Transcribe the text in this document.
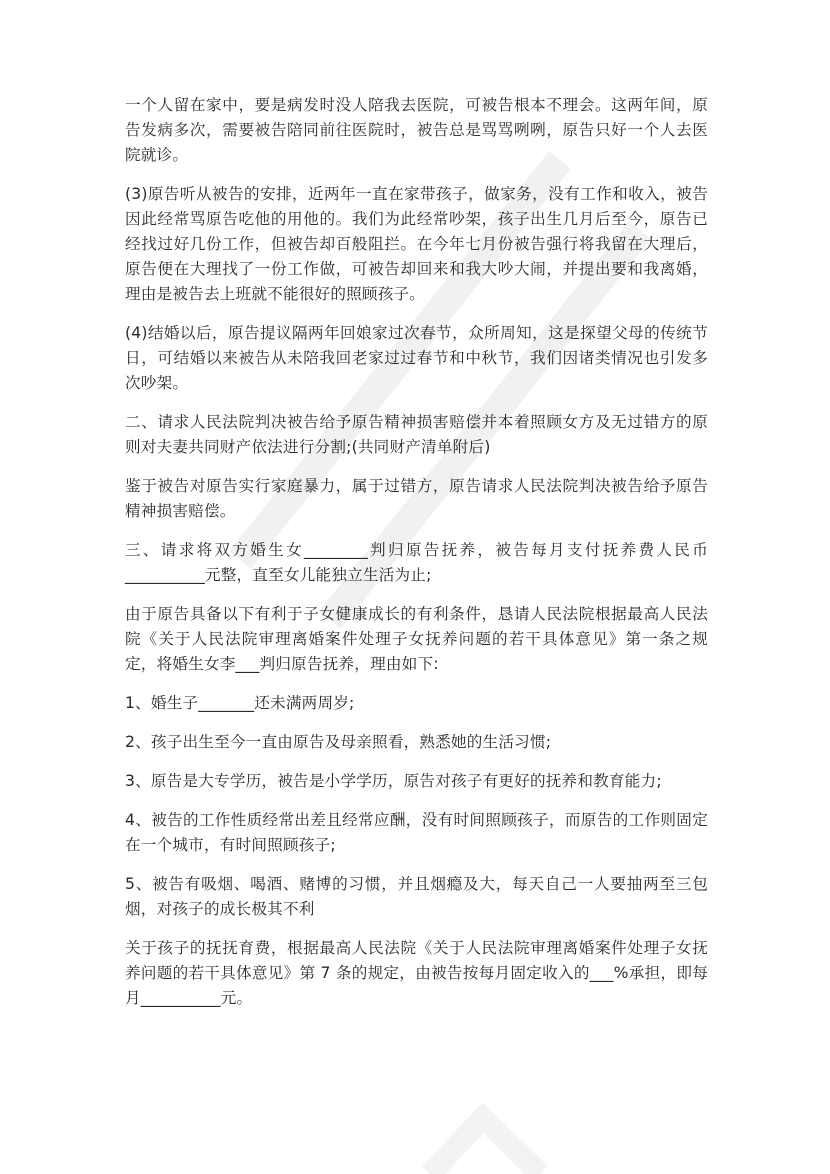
一个人留在家中，要是病发时没人陪我去医院，可被告根本不理会。这两年间，原告发病多次，需要被告陪同前往医院时，被告总是骂骂咧咧，原告只好一个人去医院就诊。

(3)原告听从被告的安排，近两年一直在家带孩子，做家务，没有工作和收入，被告因此经常骂原告吃他的用他的。我们为此经常吵架，孩子出生几月后至今，原告已经找过好几份工作，但被告却百般阻拦。在今年七月份被告强行将我留在大理后，原告便在大理找了一份工作做，可被告却回来和我大吵大闹，并提出要和我离婚，理由是被告去上班就不能很好的照顾孩子。

(4)结婚以后，原告提议隔两年回娘家过次春节，众所周知，这是探望父母的传统节日，可结婚以来被告从未陪我回老家过过春节和中秋节，我们因诸类情况也引发多次吵架。

二、请求人民法院判决被告给予原告精神损害赔偿并本着照顾女方及无过错方的原则对夫妻共同财产依法进行分割;(共同财产清单附后)

鉴于被告对原告实行家庭暴力，属于过错方，原告请求人民法院判决被告给予原告精神损害赔偿。

三、请求将双方婚生女________判归原告抚养，被告每月支付抚养费人民币__________元整，直至女儿能独立生活为止;

由于原告具备以下有利于子女健康成长的有利条件，恳请人民法院根据最高人民法院《关于人民法院审理离婚案件处理子女抚养问题的若干具体意见》第一条之规定，将婚生女李___判归原告抚养，理由如下:

1、婚生子_______还未满两周岁;

2、孩子出生至今一直由原告及母亲照看，熟悉她的生活习惯;

3、原告是大专学历，被告是小学学历，原告对孩子有更好的抚养和教育能力;

4、被告的工作性质经常出差且经常应酬，没有时间照顾孩子，而原告的工作则固定在一个城市，有时间照顾孩子;

5、被告有吸烟、喝酒、赌博的习惯，并且烟瘾及大，每天自己一人要抽两至三包烟，对孩子的成长极其不利

关于孩子的抚抚育费，根据最高人民法院《关于人民法院审理离婚案件处理子女抚养问题的若干具体意见》第 7 条的规定，由被告按每月固定收入的___%承担，即每月__________元。
